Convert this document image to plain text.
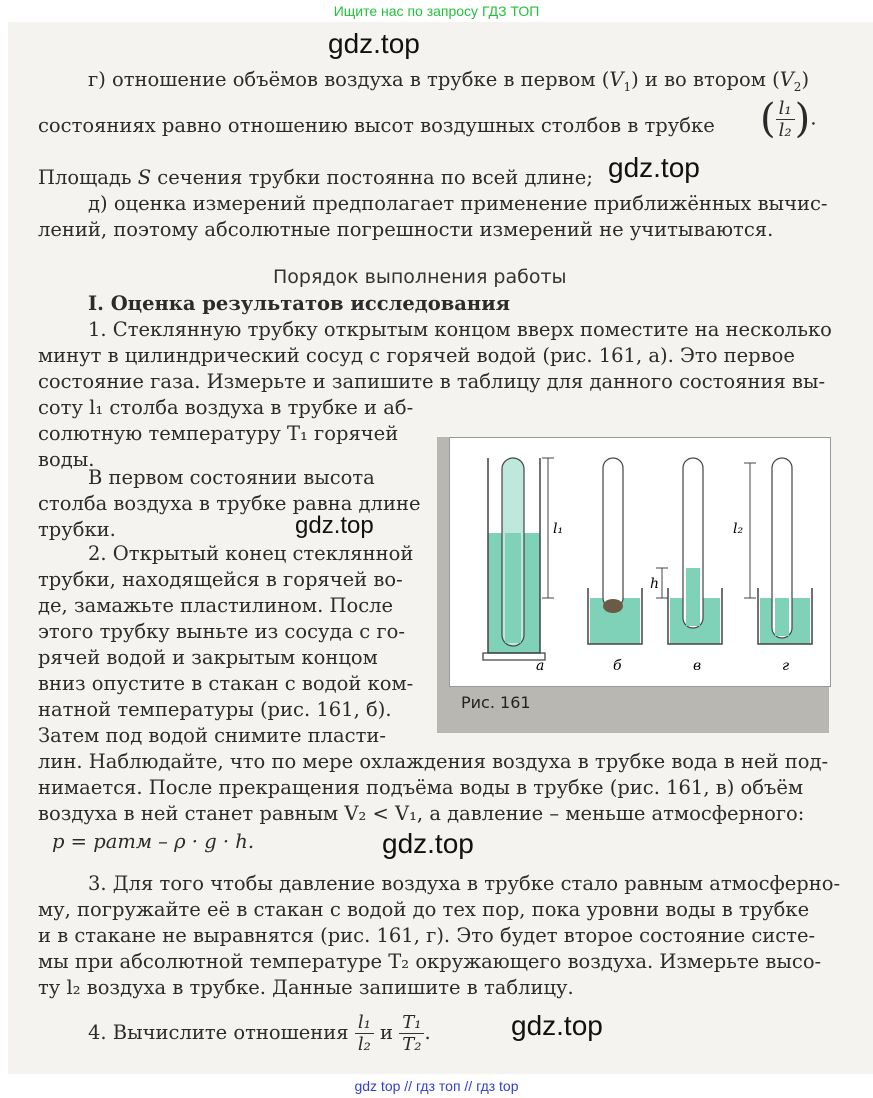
Ищите нас по запросу ГДЗ ТОП
gdz.top
gdz.top
gdz.top
gdz.top
gdz.top
г) отношение объёмов воздуха в трубке в первом $(V_1)$ и во втором $(V_2)$
состояниях равно отношению высот воздушных столбов в трубке ( $\frac{\text{l₁}}{\text{l₂}}$ ).
Площадь S сечения трубки постоянна по всей длине;
д) оценка измерений предполагает применение приближённых вычис-
лений, поэтому абсолютные погрешности измерений не учитываются.
Порядок выполнения работы
I. Оценка результатов исследования
1. Стеклянную трубку открытым концом вверх поместите на несколько
минут в цилиндрический сосуд с горячей водой (рис. 161, а). Это первое
состояние газа. Измерьте и запишите в таблицу для данного состояния вы-
соту l₁ столба воздуха в трубке и аб-
солютную температуру T₁ горячей
воды.
В первом состоянии высота
столба воздуха в трубке равна длине
трубки.
2. Открытый конец стеклянной
трубки, находящейся в горячей во-
де, замажьте пластилином. После
этого трубку выньте из сосуда с го-
рячей водой и закрытым концом
вниз опустите в стакан с водой ком-
натной температуры (рис. 161, б).
Затем под водой снимите пласти-
лин. Наблюдайте, что по мере охлаждения воздуха в трубке вода в ней под-
нимается. После прекращения подъёма воды в трубке (рис. 161, в) объём
воздуха в ней станет равным V₂ < V₁, а давление – меньше атмосферного:
p = pатм – ρ · g · h.
3. Для того чтобы давление воздуха в трубке стало равным атмосферно-
му, погружайте её в стакан с водой до тех пор, пока уровни воды в трубке
и в стакане не выравнятся (рис. 161, г). Это будет второе состояние систе-
мы при абсолютной температуре T₂ окружающего воздуха. Измерьте высо-
ту l₂ воздуха в трубке. Данные запишите в таблицу.
4. Вычислите отношения $\frac{\text{l₁}}{\text{l₂}}$ и $\frac{\text{T₁}}{\text{T₂}}$ .
а	б
h
в
l₂
г
l₁
Рис. 161
gdz top // гдз топ // гдз top
